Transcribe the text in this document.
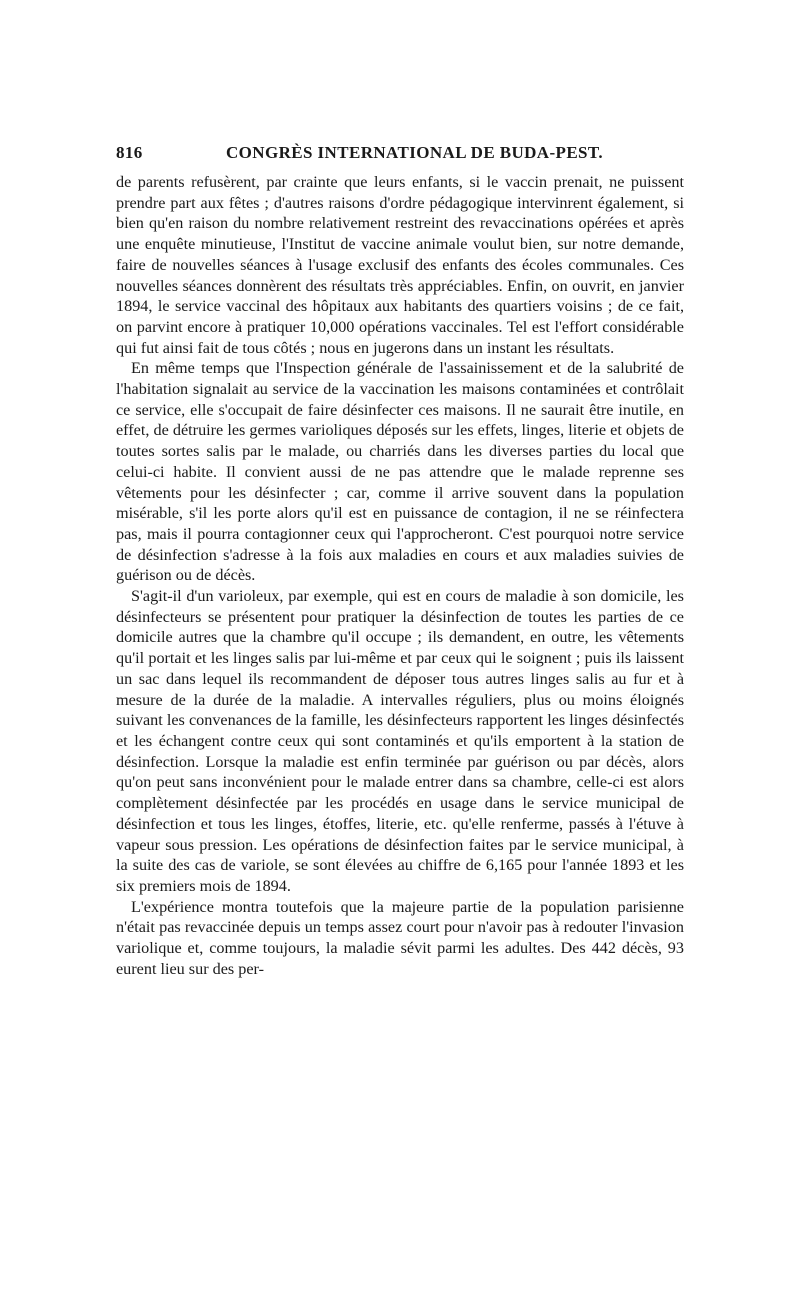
816	CONGRÈS INTERNATIONAL DE BUDA-PEST.

de parents refusèrent, par crainte que leurs enfants, si le vaccin prenait, ne puissent prendre part aux fêtes ; d'autres raisons d'ordre pédagogique intervinrent également, si bien qu'en raison du nombre relativement restreint des revaccinations opérées et après une enquête minutieuse, l'Institut de vaccine animale voulut bien, sur notre demande, faire de nouvelles séances à l'usage exclusif des enfants des écoles communales. Ces nouvelles séances donnèrent des résultats très appréciables. Enfin, on ouvrit, en janvier 1894, le service vaccinal des hôpitaux aux habitants des quartiers voisins ; de ce fait, on parvint encore à pratiquer 10,000 opérations vaccinales. Tel est l'effort considérable qui fut ainsi fait de tous côtés ; nous en jugerons dans un instant les résultats.

En même temps que l'Inspection générale de l'assainissement et de la salubrité de l'habitation signalait au service de la vaccination les maisons contaminées et contrôlait ce service, elle s'occupait de faire désinfecter ces maisons. Il ne saurait être inutile, en effet, de détruire les germes varioliques déposés sur les effets, linges, literie et objets de toutes sortes salis par le malade, ou charriés dans les diverses parties du local que celui-ci habite. Il convient aussi de ne pas attendre que le malade reprenne ses vêtements pour les désinfecter ; car, comme il arrive souvent dans la population misérable, s'il les porte alors qu'il est en puissance de contagion, il ne se réinfectera pas, mais il pourra contagionner ceux qui l'approcheront. C'est pourquoi notre service de désinfection s'adresse à la fois aux maladies en cours et aux maladies suivies de guérison ou de décès.

S'agit-il d'un varioleux, par exemple, qui est en cours de maladie à son domicile, les désinfecteurs se présentent pour pratiquer la désinfection de toutes les parties de ce domicile autres que la chambre qu'il occupe ; ils demandent, en outre, les vêtements qu'il portait et les linges salis par lui-même et par ceux qui le soignent ; puis ils laissent un sac dans lequel ils recommandent de déposer tous autres linges salis au fur et à mesure de la durée de la maladie. A intervalles réguliers, plus ou moins éloignés suivant les convenances de la famille, les désinfecteurs rapportent les linges désinfectés et les échangent contre ceux qui sont contaminés et qu'ils emportent à la station de désinfection. Lorsque la maladie est enfin terminée par guérison ou par décès, alors qu'on peut sans inconvénient pour le malade entrer dans sa chambre, celle-ci est alors complètement désinfectée par les procédés en usage dans le service municipal de désinfection et tous les linges, étoffes, literie, etc. qu'elle renferme, passés à l'étuve à vapeur sous pression. Les opérations de désinfection faites par le service municipal, à la suite des cas de variole, se sont élevées au chiffre de 6,165 pour l'année 1893 et les six premiers mois de 1894.

L'expérience montra toutefois que la majeure partie de la population parisienne n'était pas revaccinée depuis un temps assez court pour n'avoir pas à redouter l'invasion variolique et, comme toujours, la maladie sévit parmi les adultes. Des 442 décès, 93 eurent lieu sur des per-
